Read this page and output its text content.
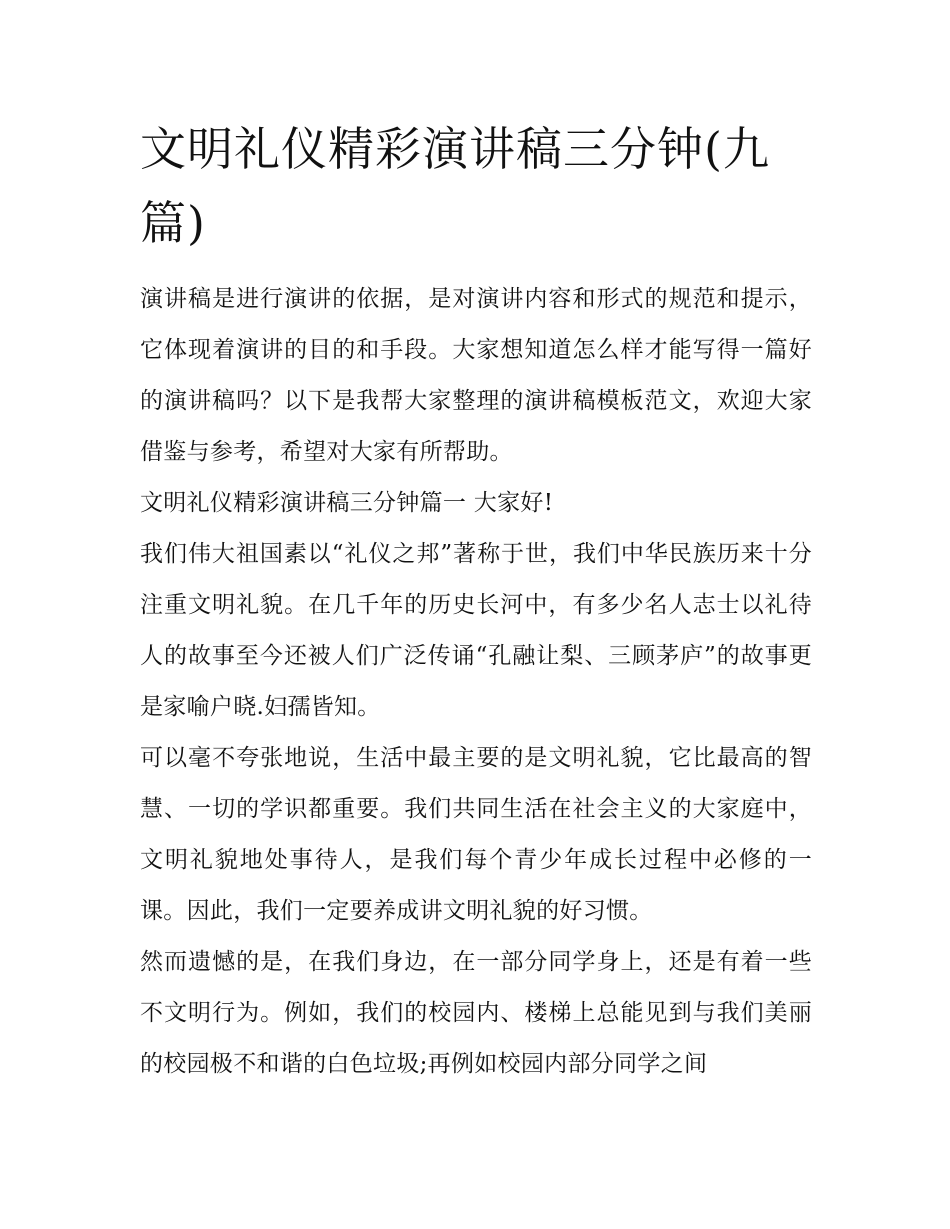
文明礼仪精彩演讲稿三分钟(九篇)

演讲稿是进行演讲的依据，是对演讲内容和形式的规范和提示，它体现着演讲的目的和手段。大家想知道怎么样才能写得一篇好的演讲稿吗？以下是我帮大家整理的演讲稿模板范文，欢迎大家借鉴与参考，希望对大家有所帮助。

文明礼仪精彩演讲稿三分钟篇一 大家好!

我们伟大祖国素以“礼仪之邦”著称于世，我们中华民族历来十分注重文明礼貌。在几千年的历史长河中，有多少名人志士以礼待人的故事至今还被人们广泛传诵“孔融让梨、三顾茅庐”的故事更是家喻户晓.妇孺皆知。

可以毫不夸张地说，生活中最主要的是文明礼貌，它比最高的智慧、一切的学识都重要。我们共同生活在社会主义的大家庭中，文明礼貌地处事待人，是我们每个青少年成长过程中必修的一课。因此，我们一定要养成讲文明礼貌的好习惯。

然而遗憾的是，在我们身边，在一部分同学身上，还是有着一些不文明行为。例如，我们的校园内、楼梯上总能见到与我们美丽的校园极不和谐的白色垃圾;再例如校园内部分同学之间
